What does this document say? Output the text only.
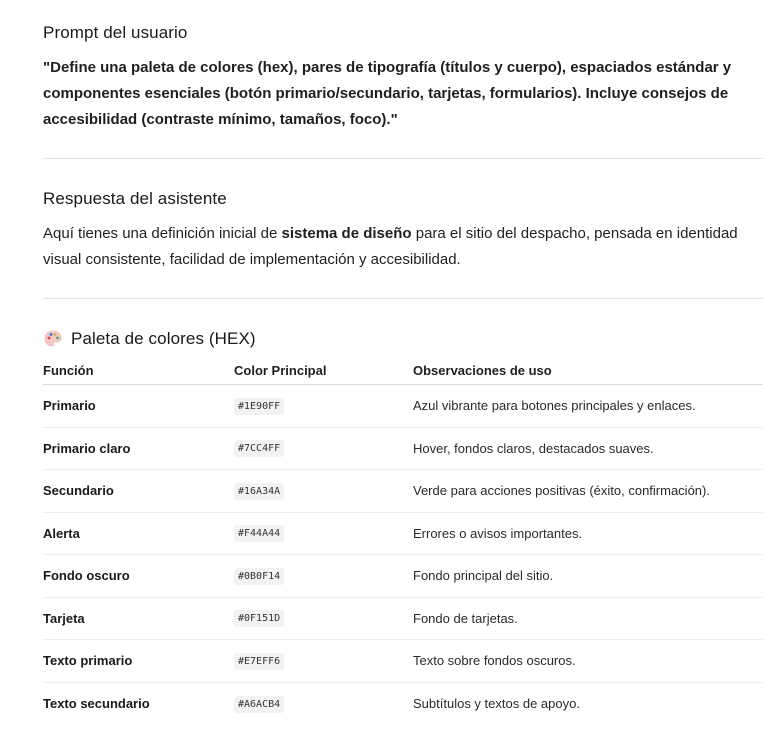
Prompt del usuario
"Define una paleta de colores (hex), pares de tipografía (títulos y cuerpo), espaciados estándar y componentes esenciales (botón primario/secundario, tarjetas, formularios). Incluye consejos de accesibilidad (contraste mínimo, tamaños, foco)."
Respuesta del asistente
Aquí tienes una definición inicial de sistema de diseño para el sitio del despacho, pensada en identidad visual consistente, facilidad de implementación y accesibilidad.
Paleta de colores (HEX)
Función	Color Principal	Observaciones de uso
Primario	#1E90FF	Azul vibrante para botones principales y enlaces.
Primario claro	#7CC4FF	Hover, fondos claros, destacados suaves.
Secundario	#16A34A	Verde para acciones positivas (éxito, confirmación).
Alerta	#F44A44	Errores o avisos importantes.
Fondo oscuro	#0B0F14	Fondo principal del sitio.
Tarjeta	#0F151D	Fondo de tarjetas.
Texto primario	#E7EFF6	Texto sobre fondos oscuros.
Texto secundario	#A6ACB4	Subtítulos y textos de apoyo.
